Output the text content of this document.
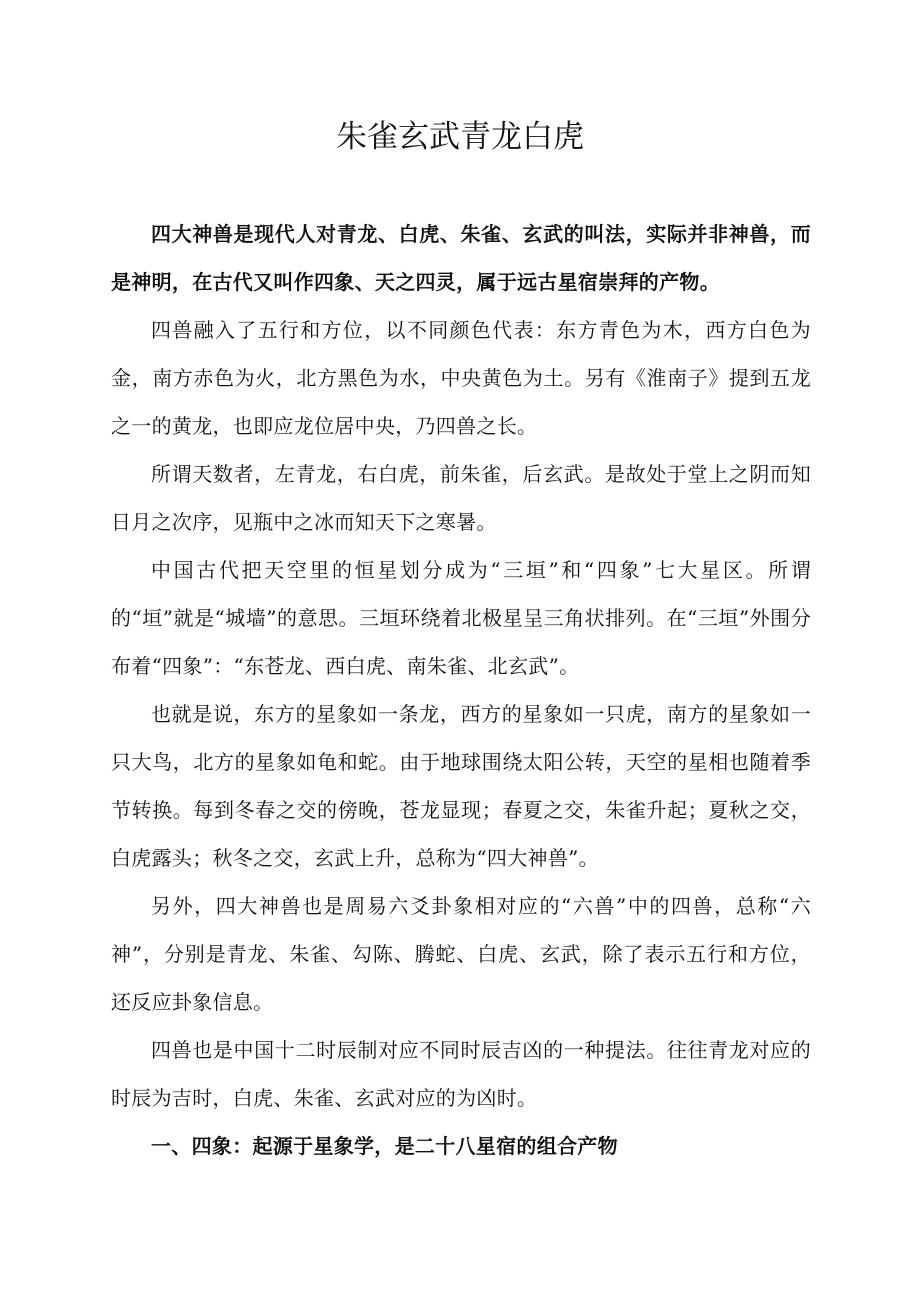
朱雀玄武青龙白虎

四大神兽是现代人对青龙、白虎、朱雀、玄武的叫法，实际并非神兽，而是神明，在古代又叫作四象、天之四灵，属于远古星宿崇拜的产物。

四兽融入了五行和方位，以不同颜色代表：东方青色为木，西方白色为金，南方赤色为火，北方黑色为水，中央黄色为土。另有《淮南子》提到五龙之一的黄龙，也即应龙位居中央，乃四兽之长。

所谓天数者，左青龙，右白虎，前朱雀，后玄武。是故处于堂上之阴而知日月之次序，见瓶中之冰而知天下之寒暑。

中国古代把天空里的恒星划分成为“三垣”和“四象”七大星区。所谓的“垣”就是“城墙”的意思。三垣环绕着北极星呈三角状排列。在“三垣”外围分布着“四象”：“东苍龙、西白虎、南朱雀、北玄武”。

也就是说，东方的星象如一条龙，西方的星象如一只虎，南方的星象如一只大鸟，北方的星象如龟和蛇。由于地球围绕太阳公转，天空的星相也随着季节转换。每到冬春之交的傍晚，苍龙显现；春夏之交，朱雀升起；夏秋之交，白虎露头；秋冬之交，玄武上升，总称为“四大神兽”。

另外，四大神兽也是周易六爻卦象相对应的“六兽”中的四兽，总称“六神”，分别是青龙、朱雀、勾陈、腾蛇、白虎、玄武，除了表示五行和方位，还反应卦象信息。

四兽也是中国十二时辰制对应不同时辰吉凶的一种提法。往往青龙对应的时辰为吉时，白虎、朱雀、玄武对应的为凶时。

一、四象：起源于星象学，是二十八星宿的组合产物
